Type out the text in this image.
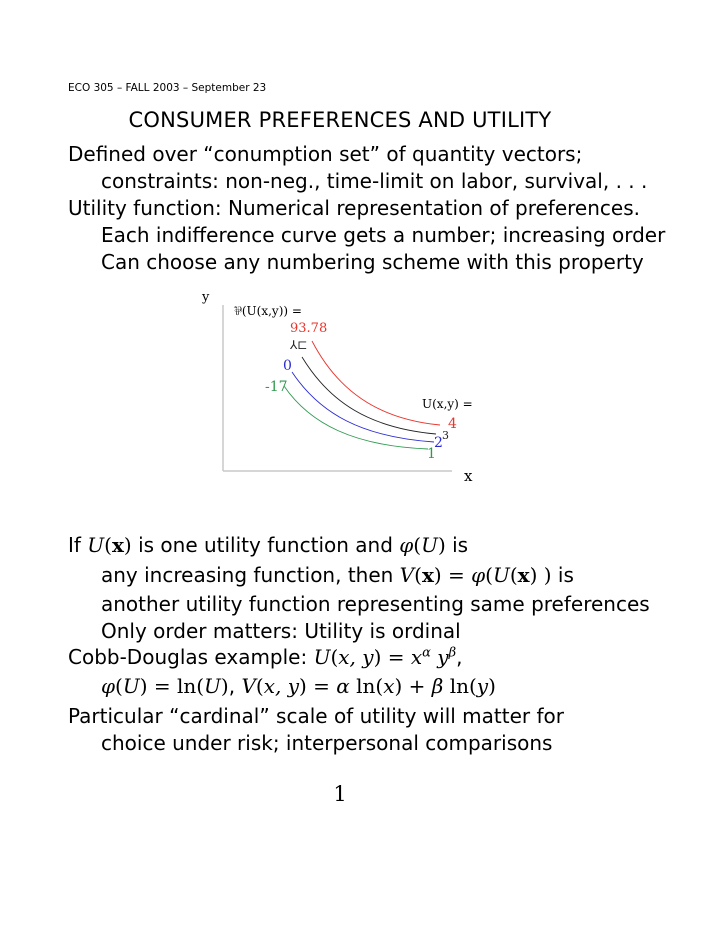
ECO 305 – FALL 2003 – September 23
CONSUMER PREFERENCES AND UTILITY
Defined over “conumption set” of quantity vectors;
constraints: non-neg., time-limit on labor, survival, . . .
Utility function: Numerical representation of preferences.
Each indifference curve gets a number; increasing order
Can choose any numbering scheme with this property
y
x
⅌(U(x,y)) =
93.78
⅄⊏
0
-17
U(x,y) =
4
3
2
1
If U(x) is one utility function and φ(U) is
any increasing function, then V(x) = φ(U(x) ) is
another utility function representing same preferences
Only order matters: Utility is ordinal
Cobb-Douglas example: U(x, $y) = x^\alpha$ $y^\beta$,
φ(U) = ln(U), V(x, y) = α ln(x) + β ln(y)
Particular “cardinal” scale of utility will matter for
choice under risk; interpersonal comparisons
1
